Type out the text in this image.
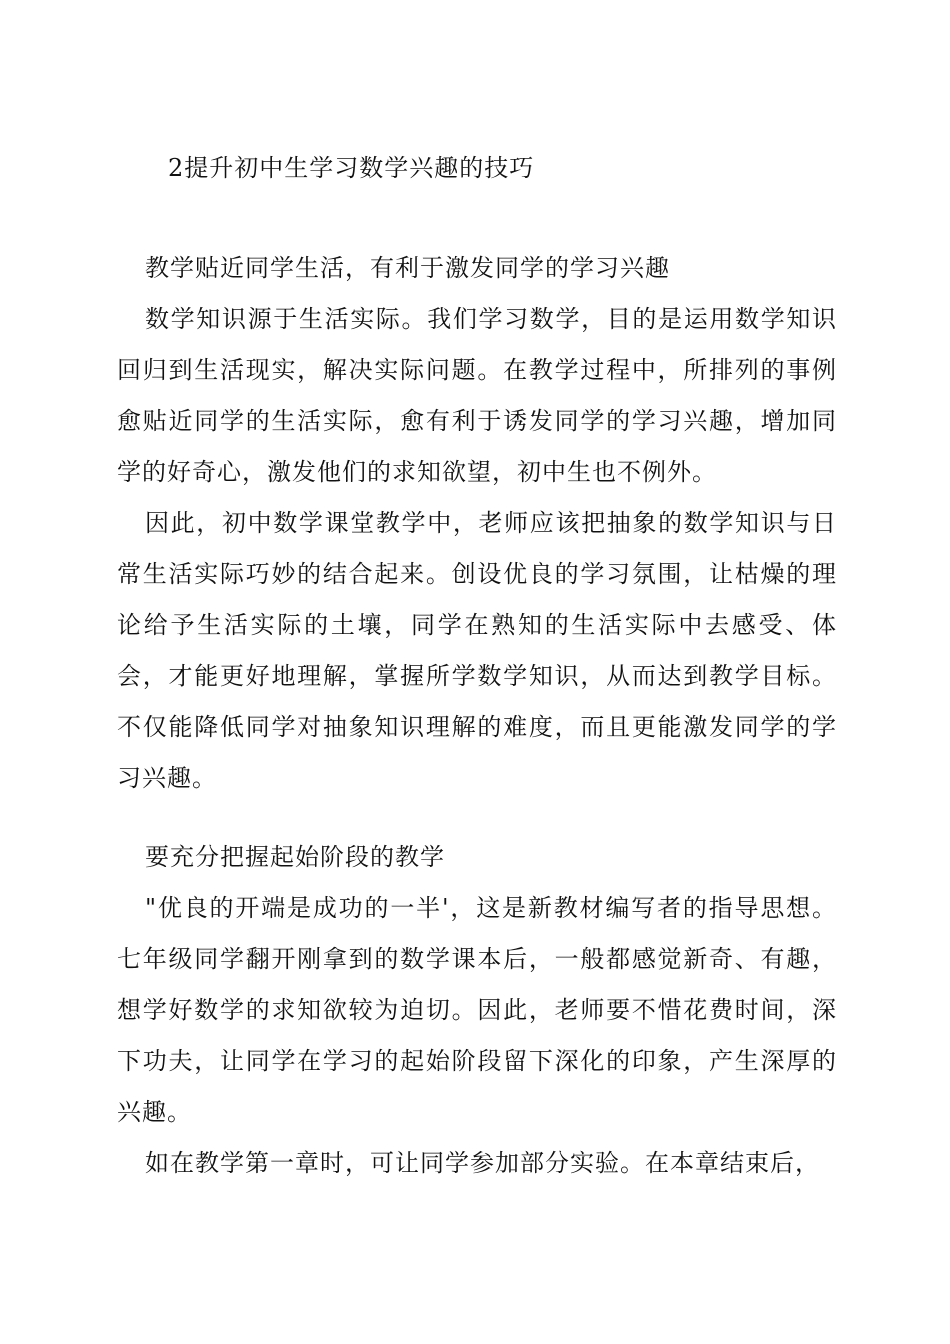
2提升初中生学习数学兴趣的技巧
教学贴近同学生活，有利于激发同学的学习兴趣

数学知识源于生活实际。我们学习数学，目的是运用数学知识回归到生活现实，解决实际问题。在教学过程中，所排列的事例愈贴近同学的生活实际，愈有利于诱发同学的学习兴趣，增加同学的好奇心，激发他们的求知欲望，初中生也不例外。

因此，初中数学课堂教学中，老师应该把抽象的数学知识与日常生活实际巧妙的结合起来。创设优良的学习氛围，让枯燥的理论给予生活实际的土壤，同学在熟知的生活实际中去感受、体会，才能更好地理解，掌握所学数学知识，从而达到教学目标。不仅能降低同学对抽象知识理解的难度，而且更能激发同学的学习兴趣。

要充分把握起始阶段的教学

"优良的开端是成功的一半'，这是新教材编写者的指导思想。七年级同学翻开刚拿到的数学课本后，一般都感觉新奇、有趣，想学好数学的求知欲较为迫切。因此，老师要不惜花费时间，深下功夫，让同学在学习的起始阶段留下深化的印象，产生深厚的兴趣。

如在教学第一章时，可让同学参加部分实验。在本章结束后，
